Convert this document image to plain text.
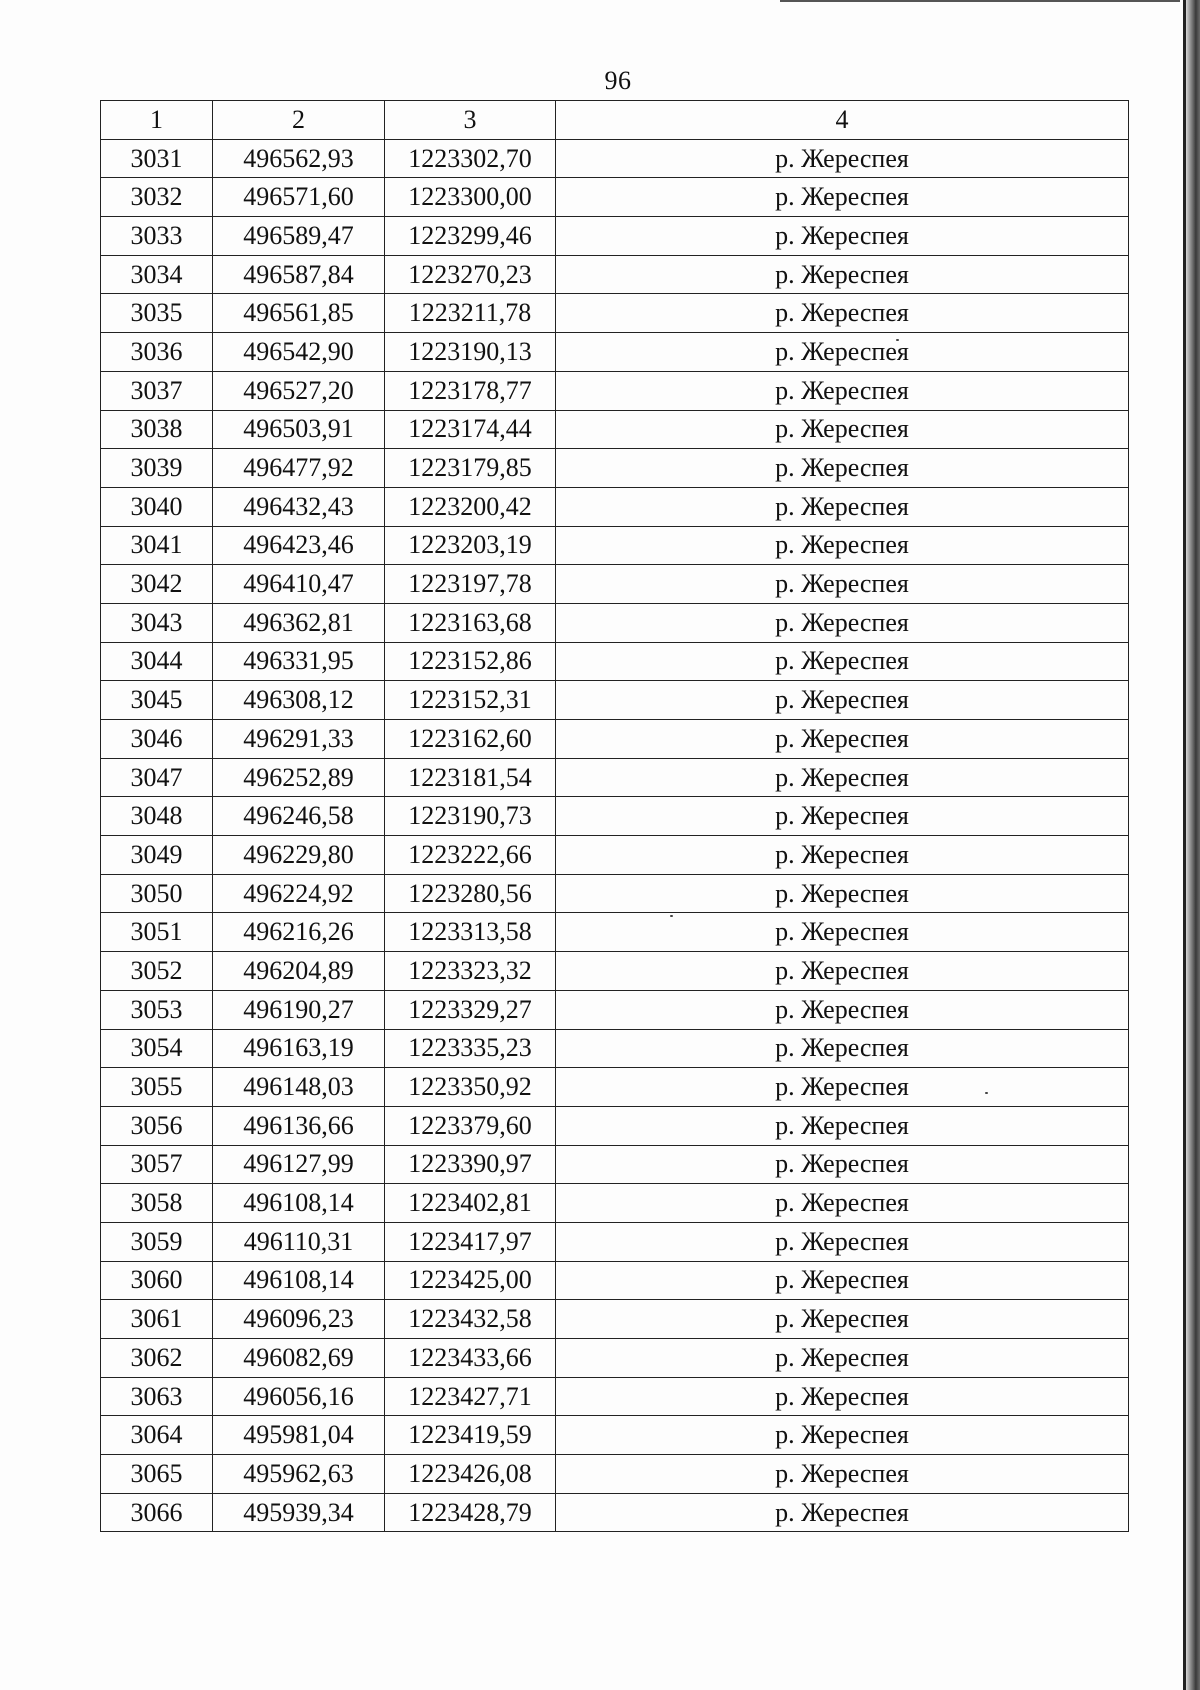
96
1	2	3	4
3031	496562,93	1223302,70	р. Жереспея
3032	496571,60	1223300,00	р. Жереспея
3033	496589,47	1223299,46	р. Жереспея
3034	496587,84	1223270,23	р. Жереспея
3035	496561,85	1223211,78	р. Жереспея
3036	496542,90	1223190,13	р. Жереспея
3037	496527,20	1223178,77	р. Жереспея
3038	496503,91	1223174,44	р. Жереспея
3039	496477,92	1223179,85	р. Жереспея
3040	496432,43	1223200,42	р. Жереспея
3041	496423,46	1223203,19	р. Жереспея
3042	496410,47	1223197,78	р. Жереспея
3043	496362,81	1223163,68	р. Жереспея
3044	496331,95	1223152,86	р. Жереспея
3045	496308,12	1223152,31	р. Жереспея
3046	496291,33	1223162,60	р. Жереспея
3047	496252,89	1223181,54	р. Жереспея
3048	496246,58	1223190,73	р. Жереспея
3049	496229,80	1223222,66	р. Жереспея
3050	496224,92	1223280,56	р. Жереспея
3051	496216,26	1223313,58	р. Жереспея
3052	496204,89	1223323,32	р. Жереспея
3053	496190,27	1223329,27	р. Жереспея
3054	496163,19	1223335,23	р. Жереспея
3055	496148,03	1223350,92	р. Жереспея
3056	496136,66	1223379,60	р. Жереспея
3057	496127,99	1223390,97	р. Жереспея
3058	496108,14	1223402,81	р. Жереспея
3059	496110,31	1223417,97	р. Жереспея
3060	496108,14	1223425,00	р. Жереспея
3061	496096,23	1223432,58	р. Жереспея
3062	496082,69	1223433,66	р. Жереспея
3063	496056,16	1223427,71	р. Жереспея
3064	495981,04	1223419,59	р. Жереспея
3065	495962,63	1223426,08	р. Жереспея
3066	495939,34	1223428,79	р. Жереспея
